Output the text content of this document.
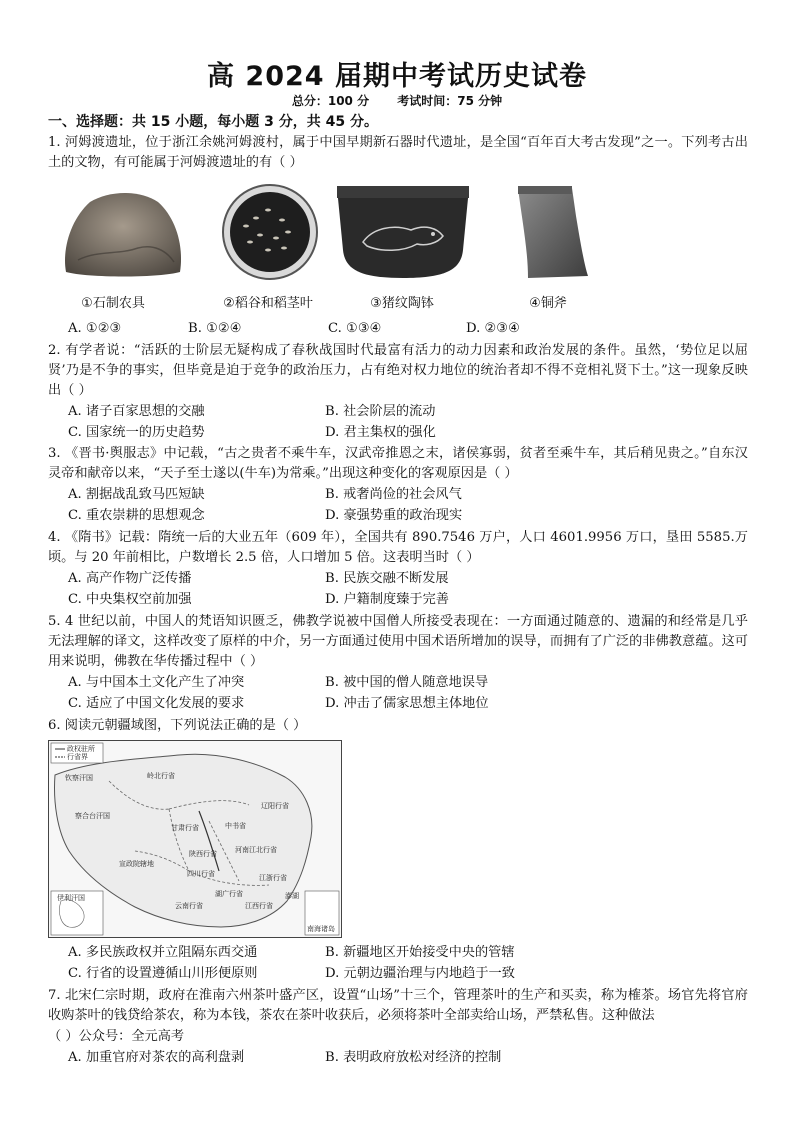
高 2024 届期中考试历史试卷
总分：100 分 考试时间：75 分钟
一、选择题：共 15 小题，每小题 3 分，共 45 分。
1. 河姆渡遗址，位于浙江余姚河姆渡村，属于中国早期新石器时代遗址，是全国“百年百大考古发现”之一。下列考古出土的文物，有可能属于河姆渡遗址的有（ ）
①石制农具	②稻谷和稻茎叶	③猪纹陶钵	④铜斧
A. ①②③	B. ①②④	C. ①③④	D. ②③④
2. 有学者说：“活跃的士阶层无疑构成了春秋战国时代最富有活力的动力因素和政治发展的条件。虽然，‘势位足以屈贤’乃是不争的事实，但毕竟是迫于竞争的政治压力，占有绝对权力地位的统治者却不得不竞相礼贤下士。”这一现象反映出（ ）
A. 诸子百家思想的交融	B. 社会阶层的流动
C. 国家统一的历史趋势	D. 君主集权的强化
3. 《晋书·舆服志》中记载，“古之贵者不乘牛车，汉武帝推恩之末，诸侯寡弱，贫者至乘牛车，其后稍见贵之。”自东汉灵帝和献帝以来，“天子至士遂以(牛车)为常乘。”出现这种变化的客观原因是（ ）
A. 割据战乱致马匹短缺	B. 戒奢尚俭的社会风气
C. 重农崇耕的思想观念	D. 豪强势重的政治现实
4. 《隋书》记载：隋统一后的大业五年（609 年），全国共有 890.7546 万户，人口 4601.9956 万口，垦田 5585.万顷。与 20 年前相比，户数增长 2.5 倍，人口增加 5 倍。这表明当时（ ）
A. 高产作物广泛传播	B. 民族交融不断发展
C. 中央集权空前加强	D. 户籍制度臻于完善
5. 4 世纪以前，中国人的梵语知识匮乏，佛教学说被中国僧人所接受表现在：一方面通过随意的、遗漏的和经常是几乎无法理解的译文，这样改变了原样的中介，另一方面通过使用中国术语所增加的误导，而拥有了广泛的非佛教意蕴。这可用来说明，佛教在华传播过程中（ ）
A. 与中国本土文化产生了冲突	B. 被中国的僧人随意地误导
C. 适应了中国文化发展的要求	D. 冲击了儒家思想主体地位
6. 阅读元朝疆域图，下列说法正确的是（ ）
政权驻所
行省界
钦察汗国	岭北行省
察合台汗国
辽阳行省
甘肃行省	中书省
河南江北行省
陕西行省
宣政院辖地
四川行省
湖广行省
江浙行省
云南行省	江西行省
伊利汗国	澎湖
南海诸岛
A. 多民族政权并立阻隔东西交通	B. 新疆地区开始接受中央的管辖
C. 行省的设置遵循山川形便原则	D. 元朝边疆治理与内地趋于一致
7. 北宋仁宗时期，政府在淮南六州茶叶盛产区，设置“山场”十三个，管理茶叶的生产和买卖，称为榷茶。场官先将官府收购茶叶的钱贷给茶农，称为本钱，茶农在茶叶收获后，必须将茶叶全部卖给山场，严禁私售。这种做法
（ ）公众号：全元高考
A. 加重官府对茶农的高利盘剥	B. 表明政府放松对经济的控制
